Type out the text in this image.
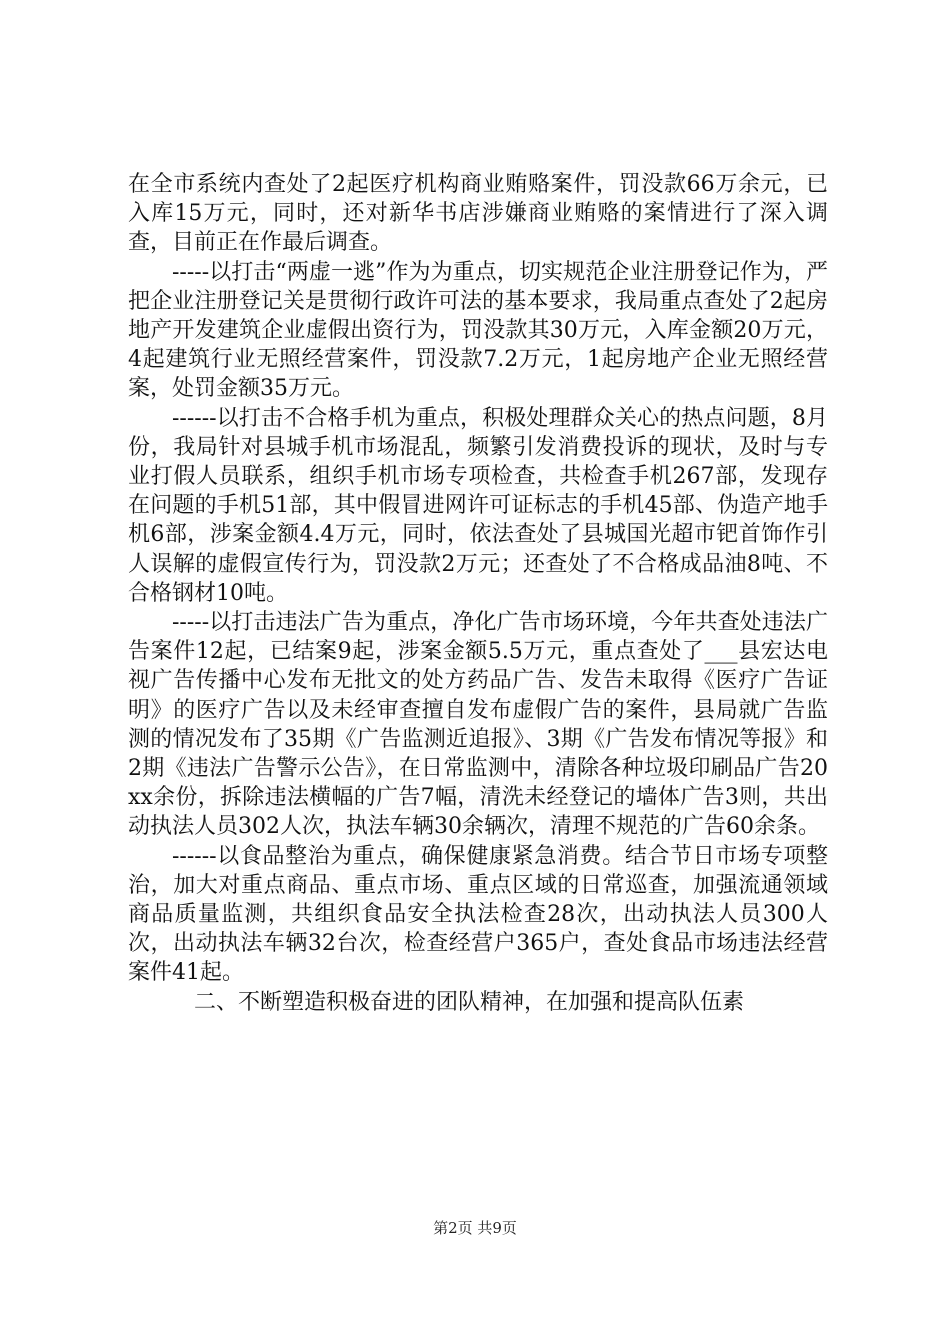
在全市系统内查处了2起医疗机构商业贿赂案件，罚没款66万余元，已入库15万元，同时，还对新华书店涉嫌商业贿赂的案情进行了深入调查，目前正在作最后调查。

-----以打击“两虚一逃”作为为重点，切实规范企业注册登记作为，严把企业注册登记关是贯彻行政许可法的基本要求，我局重点查处了2起房地产开发建筑企业虚假出资行为，罚没款其30万元，入库金额20万元，4起建筑行业无照经营案件，罚没款7.2万元，1起房地产企业无照经营案，处罚金额35万元。

------以打击不合格手机为重点，积极处理群众关心的热点问题，8月份，我局针对县城手机市场混乱，频繁引发消费投诉的现状，及时与专业打假人员联系，组织手机市场专项检查，共检查手机267部，发现存在问题的手机51部，其中假冒进网许可证标志的手机45部、伪造产地手机6部，涉案金额4.4万元，同时，依法查处了县城国光超市钯首饰作引人误解的虚假宣传行为，罚没款2万元；还查处了不合格成品油8吨、不合格钢材10吨。

-----以打击违法广告为重点，净化广告市场环境，今年共查处违法广告案件12起，已结案9起，涉案金额5.5万元，重点查处了___县宏达电视广告传播中心发布无批文的处方药品广告、发告未取得《医疗广告证明》的医疗广告以及未经审查擅自发布虚假广告的案件，县局就广告监测的情况发布了35期《广告监测近追报》、3期《广告发布情况等报》和2期《违法广告警示公告》，在日常监测中，清除各种垃圾印刷品广告20xx余份，拆除违法横幅的广告7幅，清洗未经登记的墙体广告3则，共出动执法人员302人次，执法车辆30余辆次，清理不规范的广告60余条。

------以食品整治为重点，确保健康紧急消费。结合节日市场专项整治，加大对重点商品、重点市场、重点区域的日常巡查，加强流通领域商品质量监测，共组织食品安全执法检查28次，出动执法人员300人次，出动执法车辆32台次，检查经营户365户，查处食品市场违法经营案件41起。

二、不断塑造积极奋进的团队精神，在加强和提高队伍素

第2页 共9页
